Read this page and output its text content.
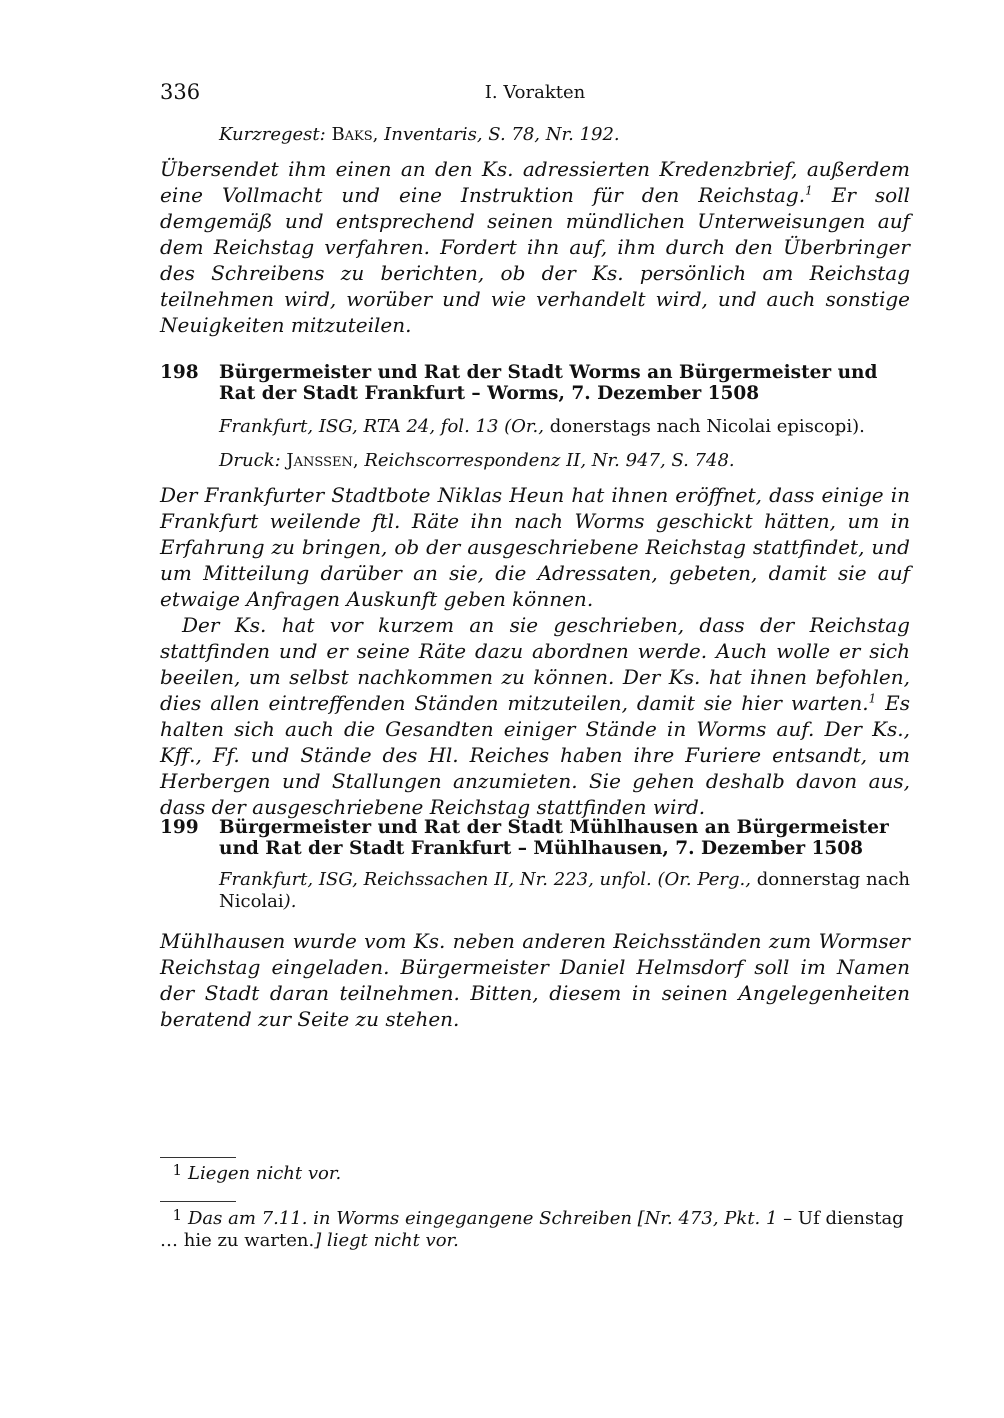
336	I. Vorakten
Kurzregest: Baks, Inventaris, S. 78, Nr. 192.

Übersendet ihm einen an den Ks. adressierten Kredenzbrief, außerdem eine Vollmacht und eine Instruktion für den Reichstag.$^1$ Er soll demgemäß und entsprechend seinen mündlichen Unterweisungen auf dem Reichstag verfahren. Fordert ihn auf, ihm durch den Überbringer des Schreibens zu berichten, ob der Ks. persönlich am Reichstag teilnehmen wird, worüber und wie verhandelt wird, und auch sonstige Neuigkeiten mitzuteilen.

198	Bürgermeister und Rat der Stadt Worms an Bürgermeister und Rat der Stadt Frankfurt – Worms, 7. Dezember 1508
Frankfurt, ISG, RTA 24, fol. 13 (Or., donerstags nach Nicolai episcopi).
Druck: Janssen, Reichscorrespondenz II, Nr. 947, S. 748.

Der Frankfurter Stadtbote Niklas Heun hat ihnen eröffnet, dass einige in Frankfurt weilende ftl. Räte ihn nach Worms geschickt hätten, um in Erfahrung zu bringen, ob der ausgeschriebene Reichstag stattfindet, und um Mitteilung darüber an sie, die Adressaten, gebeten, damit sie auf etwaige Anfragen Auskunft geben können.

Der Ks. hat vor kurzem an sie geschrieben, dass der Reichstag stattfinden und er seine Räte dazu abordnen werde. Auch wolle er sich beeilen, um selbst nachkommen zu können. Der Ks. hat ihnen befohlen, dies allen eintreffenden Ständen mitzuteilen, damit sie hier warten.$^1$ Es halten sich auch die Gesandten einiger Stände in Worms auf. Der Ks., Kff., Ff. und Stände des Hl. Reiches haben ihre Furiere entsandt, um Herbergen und Stallungen anzumieten. Sie gehen deshalb davon aus, dass der ausgeschriebene Reichstag stattfinden wird.

199	Bürgermeister und Rat der Stadt Mühlhausen an Bürgermeister und Rat der Stadt Frankfurt – Mühlhausen, 7. Dezember 1508
Frankfurt, ISG, Reichssachen II, Nr. 223, unfol. (Or. Perg., donnerstag nach Nicolai).

Mühlhausen wurde vom Ks. neben anderen Reichsständen zum Wormser Reichstag eingeladen. Bürgermeister Daniel Helmsdorf soll im Namen der Stadt daran teilnehmen. Bitten, diesem in seinen Angelegenheiten beratend zur Seite zu stehen.

1 Liegen nicht vor.
1 Das am 7.11. in Worms eingegangene Schreiben [Nr. 473, Pkt. 1 – Uf dienstag … hie zu warten.] liegt nicht vor.
